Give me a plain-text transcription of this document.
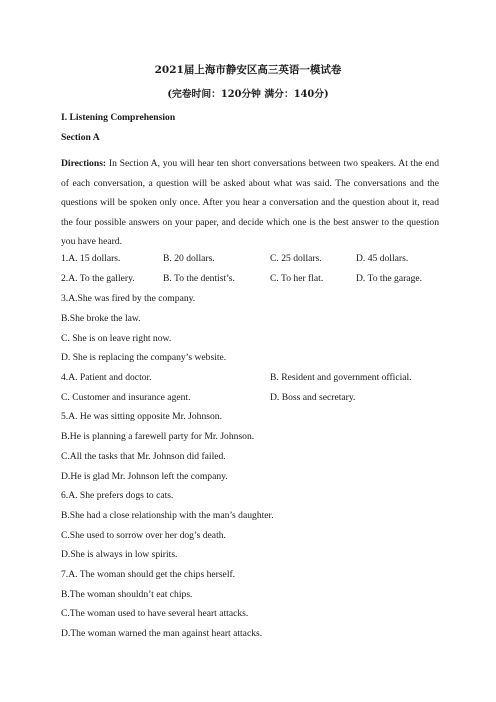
2021届上海市静安区高三英语一模试卷
(完卷时间：120分钟 满分：140分)
I. Listening Comprehension
Section A

Directions: In Section A, you will hear ten short conversations between two speakers. At the end of each conversation, a question will be asked about what was said. The conversations and the questions will be spoken only once. After you hear a conversation and the question about it, read the four possible answers on your paper, and decide which one is the best answer to the question you have heard.

1.A. 15 dollars.	B. 20 dollars.	C. 25 dollars.	D. 45 dollars.
2.A. To the gallery.	B. To the dentist’s.	C. To her flat.	D. To the garage.
3.A.She was fired by the company.
B.She broke the law.
C. She is on leave right now.
D. She is replacing the company’s website.
4.A. Patient and doctor.	B. Resident and government official.
C. Customer and insurance agent.	D. Boss and secretary.
5.A. He was sitting opposite Mr. Johnson.
B.He is planning a farewell party for Mr. Johnson.
C.All the tasks that Mr. Johnson did failed.
D.He is glad Mr. Johnson left the company.
6.A. She prefers dogs to cats.
B.She had a close relationship with the man’s daughter.
C.She used to sorrow over her dog’s death.
D.She is always in low spirits.
7.A. The woman should get the chips herself.
B.The woman shouldn’t eat chips.
C.The woman used to have several heart attacks.
D.The woman warned the man against heart attacks.
